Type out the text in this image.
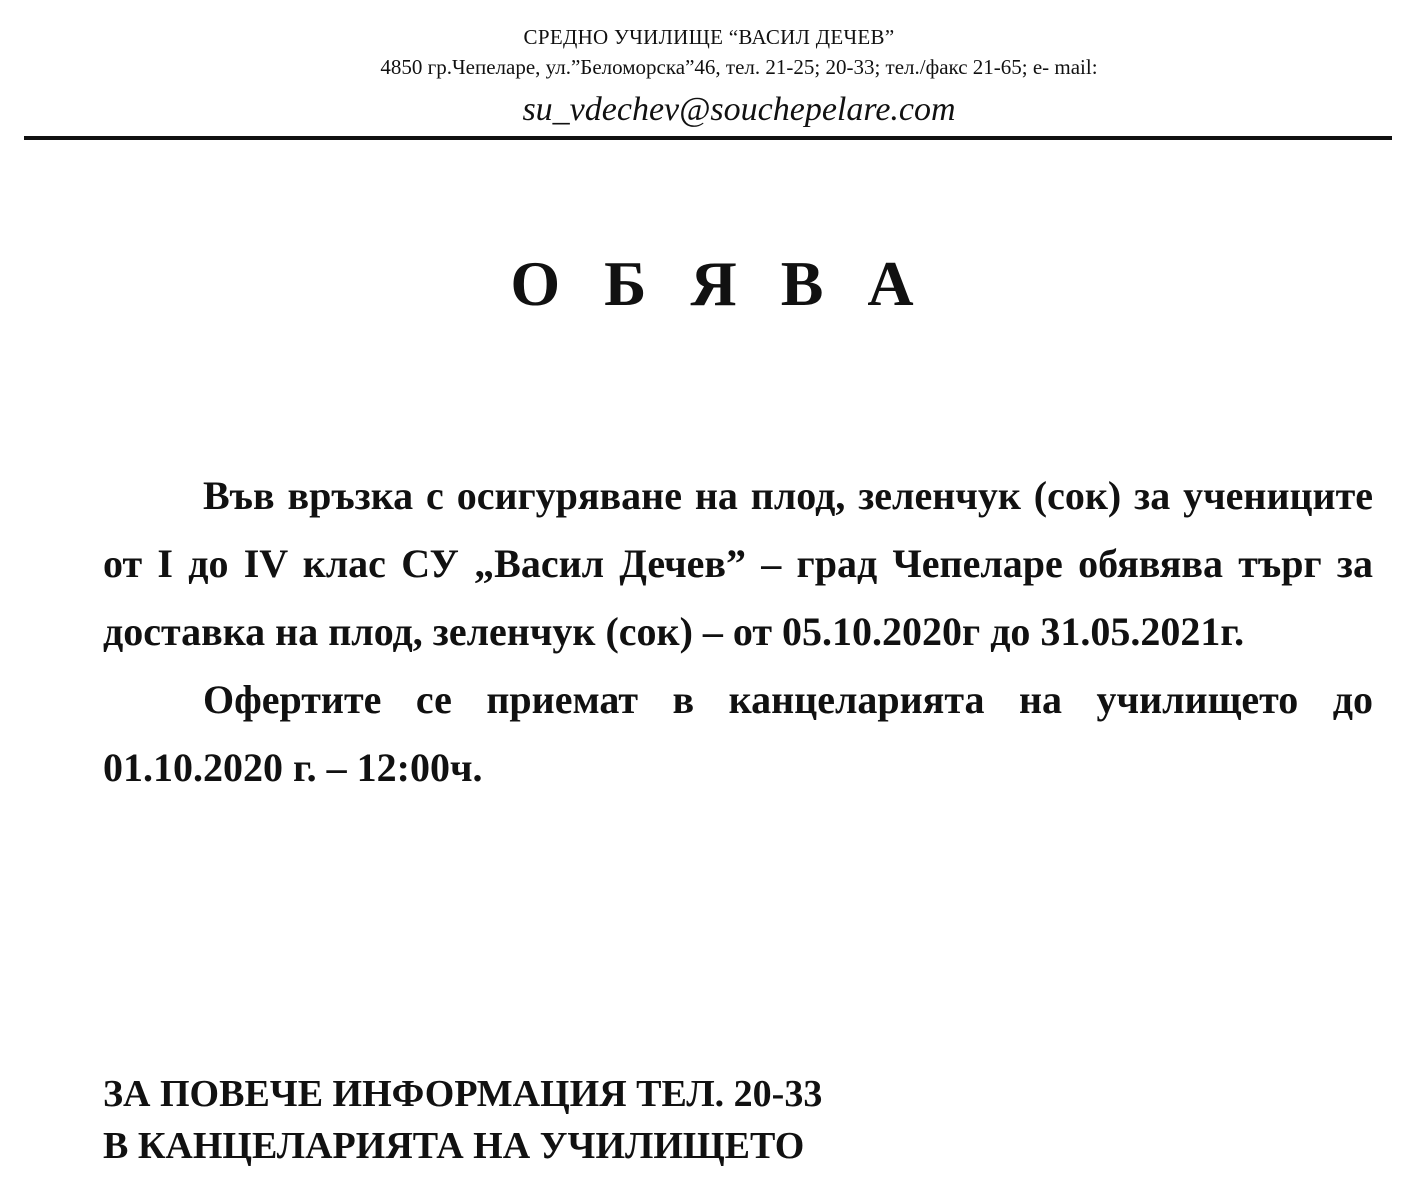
СРЕДНО УЧИЛИЩЕ “ВАСИЛ ДЕЧЕВ”
4850 гр.Чепеларе, ул.”Беломорска”46, тел. 21-25; 20-33; тел./факс 21-65; е- mail:
su_vdechev@souchepelare.com
О Б Я В А

Във връзка с осигуряване на плод, зеленчук (сок) за учениците от I до IV клас СУ „Васил Дечев” – град Чепеларе обявява търг за доставка на плод, зеленчук (сок) – от 05.10.2020г до 31.05.2021г.

Офертите се приемат в канцеларията на училището до 01.10.2020 г. – 12:00ч.

ЗА ПОВЕЧЕ ИНФОРМАЦИЯ ТЕЛ. 20-33
В КАНЦЕЛАРИЯТА НА УЧИЛИЩЕТО
